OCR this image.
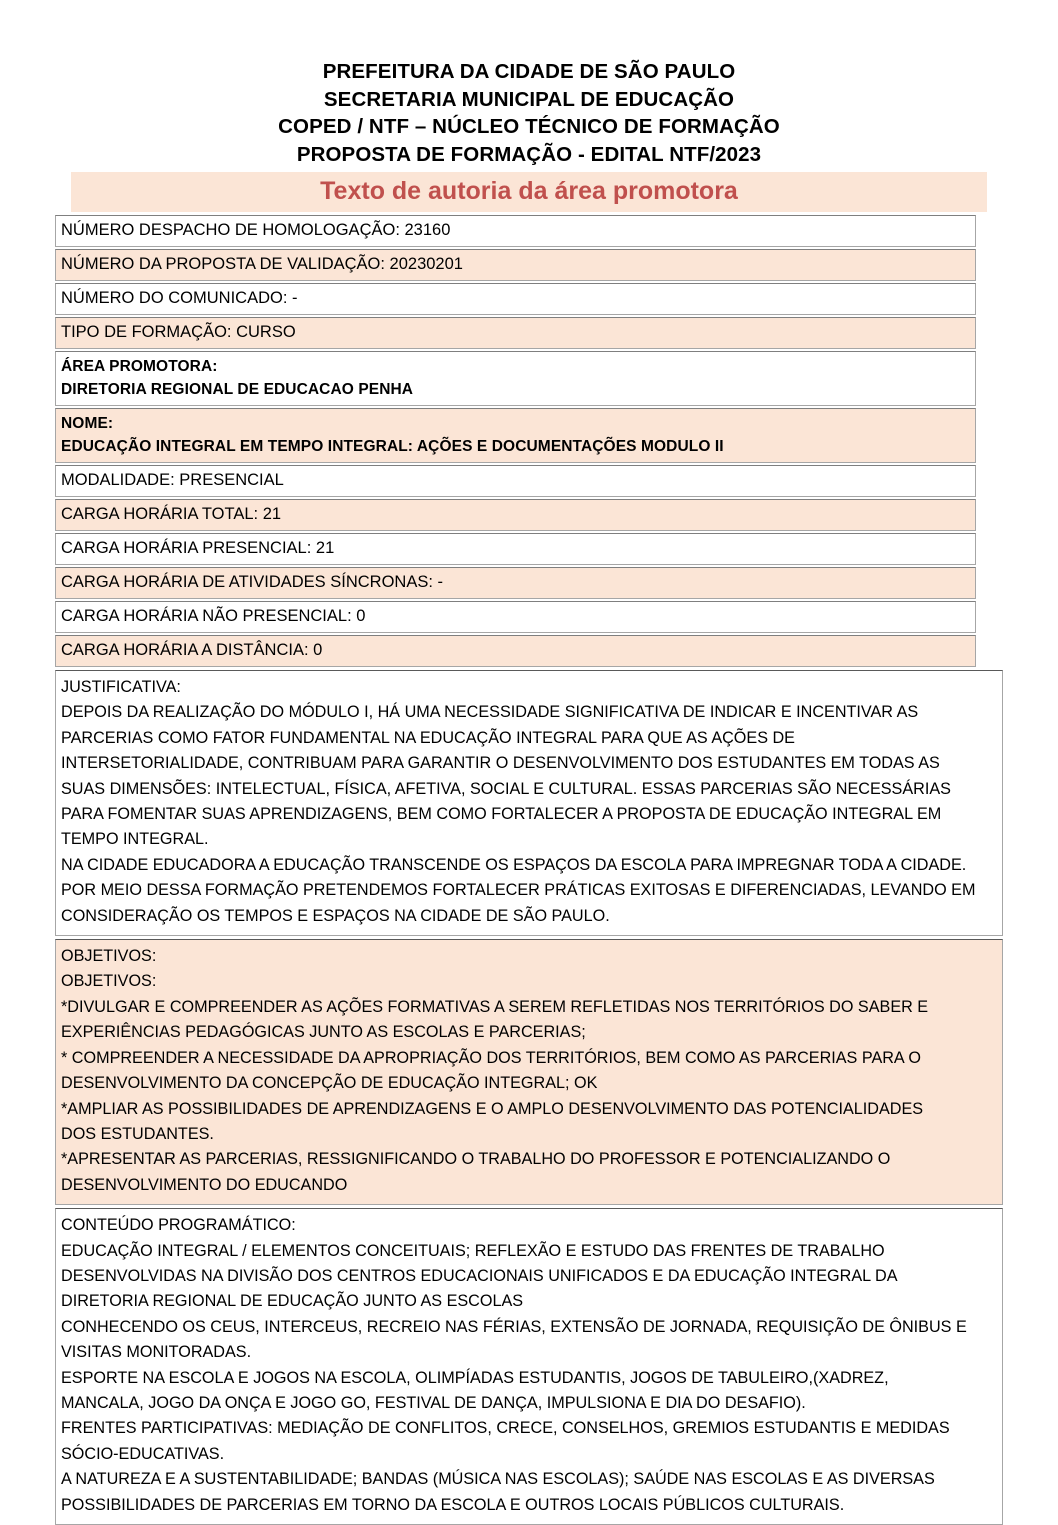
PREFEITURA DA CIDADE DE SÃO PAULO
SECRETARIA MUNICIPAL DE EDUCAÇÃO
COPED / NTF – NÚCLEO TÉCNICO DE FORMAÇÃO
PROPOSTA DE FORMAÇÃO - EDITAL NTF/2023
Texto de autoria da área promotora
NÚMERO DESPACHO DE HOMOLOGAÇÃO: 23160
NÚMERO DA PROPOSTA DE VALIDAÇÃO: 20230201
NÚMERO DO COMUNICADO: -
TIPO DE FORMAÇÃO: CURSO
ÁREA PROMOTORA:
DIRETORIA REGIONAL DE EDUCACAO PENHA
NOME:
EDUCAÇÃO INTEGRAL EM TEMPO INTEGRAL: AÇÕES E DOCUMENTAÇÕES MODULO II
MODALIDADE: PRESENCIAL
CARGA HORÁRIA TOTAL: 21
CARGA HORÁRIA PRESENCIAL: 21
CARGA HORÁRIA DE ATIVIDADES SÍNCRONAS: -
CARGA HORÁRIA NÃO PRESENCIAL: 0
CARGA HORÁRIA A DISTÂNCIA: 0
JUSTIFICATIVA:
DEPOIS DA REALIZAÇÃO DO MÓDULO I, HÁ UMA NECESSIDADE SIGNIFICATIVA DE INDICAR E INCENTIVAR AS
PARCERIAS COMO FATOR FUNDAMENTAL NA EDUCAÇÃO INTEGRAL PARA QUE AS AÇÕES DE
INTERSETORIALIDADE, CONTRIBUAM PARA GARANTIR O DESENVOLVIMENTO DOS ESTUDANTES EM TODAS AS
SUAS DIMENSÕES: INTELECTUAL, FÍSICA, AFETIVA, SOCIAL E CULTURAL. ESSAS PARCERIAS SÃO NECESSÁRIAS
PARA FOMENTAR SUAS APRENDIZAGENS, BEM COMO FORTALECER A PROPOSTA DE EDUCAÇÃO INTEGRAL EM
TEMPO INTEGRAL.
NA CIDADE EDUCADORA A EDUCAÇÃO TRANSCENDE OS ESPAÇOS DA ESCOLA PARA IMPREGNAR TODA A CIDADE.
POR MEIO DESSA FORMAÇÃO PRETENDEMOS FORTALECER PRÁTICAS EXITOSAS E DIFERENCIADAS, LEVANDO EM
CONSIDERAÇÃO OS TEMPOS E ESPAÇOS NA CIDADE DE SÃO PAULO.
OBJETIVOS:
OBJETIVOS:
*DIVULGAR E COMPREENDER AS AÇÕES FORMATIVAS A SEREM REFLETIDAS NOS TERRITÓRIOS DO SABER E
EXPERIÊNCIAS PEDAGÓGICAS JUNTO AS ESCOLAS E PARCERIAS;
* COMPREENDER A NECESSIDADE DA APROPRIAÇÃO DOS TERRITÓRIOS, BEM COMO AS PARCERIAS PARA O
DESENVOLVIMENTO DA CONCEPÇÃO DE EDUCAÇÃO INTEGRAL; OK
*AMPLIAR AS POSSIBILIDADES DE APRENDIZAGENS E O AMPLO DESENVOLVIMENTO DAS POTENCIALIDADES
DOS ESTUDANTES.
*APRESENTAR AS PARCERIAS, RESSIGNIFICANDO O TRABALHO DO PROFESSOR E POTENCIALIZANDO O
DESENVOLVIMENTO DO EDUCANDO
CONTEÚDO PROGRAMÁTICO:
EDUCAÇÃO INTEGRAL / ELEMENTOS CONCEITUAIS; REFLEXÃO E ESTUDO DAS FRENTES DE TRABALHO
DESENVOLVIDAS NA DIVISÃO DOS CENTROS EDUCACIONAIS UNIFICADOS E DA EDUCAÇÃO INTEGRAL DA
DIRETORIA REGIONAL DE EDUCAÇÃO JUNTO AS ESCOLAS
CONHECENDO OS CEUS, INTERCEUS, RECREIO NAS FÉRIAS, EXTENSÃO DE JORNADA, REQUISIÇÃO DE ÔNIBUS E
VISITAS MONITORADAS.
ESPORTE NA ESCOLA E JOGOS NA ESCOLA, OLIMPÍADAS ESTUDANTIS, JOGOS DE TABULEIRO,(XADREZ,
MANCALA, JOGO DA ONÇA E JOGO GO, FESTIVAL DE DANÇA, IMPULSIONA E DIA DO DESAFIO).
FRENTES PARTICIPATIVAS: MEDIAÇÃO DE CONFLITOS, CRECE, CONSELHOS, GREMIOS ESTUDANTIS E MEDIDAS
SÓCIO-EDUCATIVAS.
A NATUREZA E A SUSTENTABILIDADE; BANDAS (MÚSICA NAS ESCOLAS); SAÚDE NAS ESCOLAS E AS DIVERSAS
POSSIBILIDADES DE PARCERIAS EM TORNO DA ESCOLA E OUTROS LOCAIS PÚBLICOS CULTURAIS.
